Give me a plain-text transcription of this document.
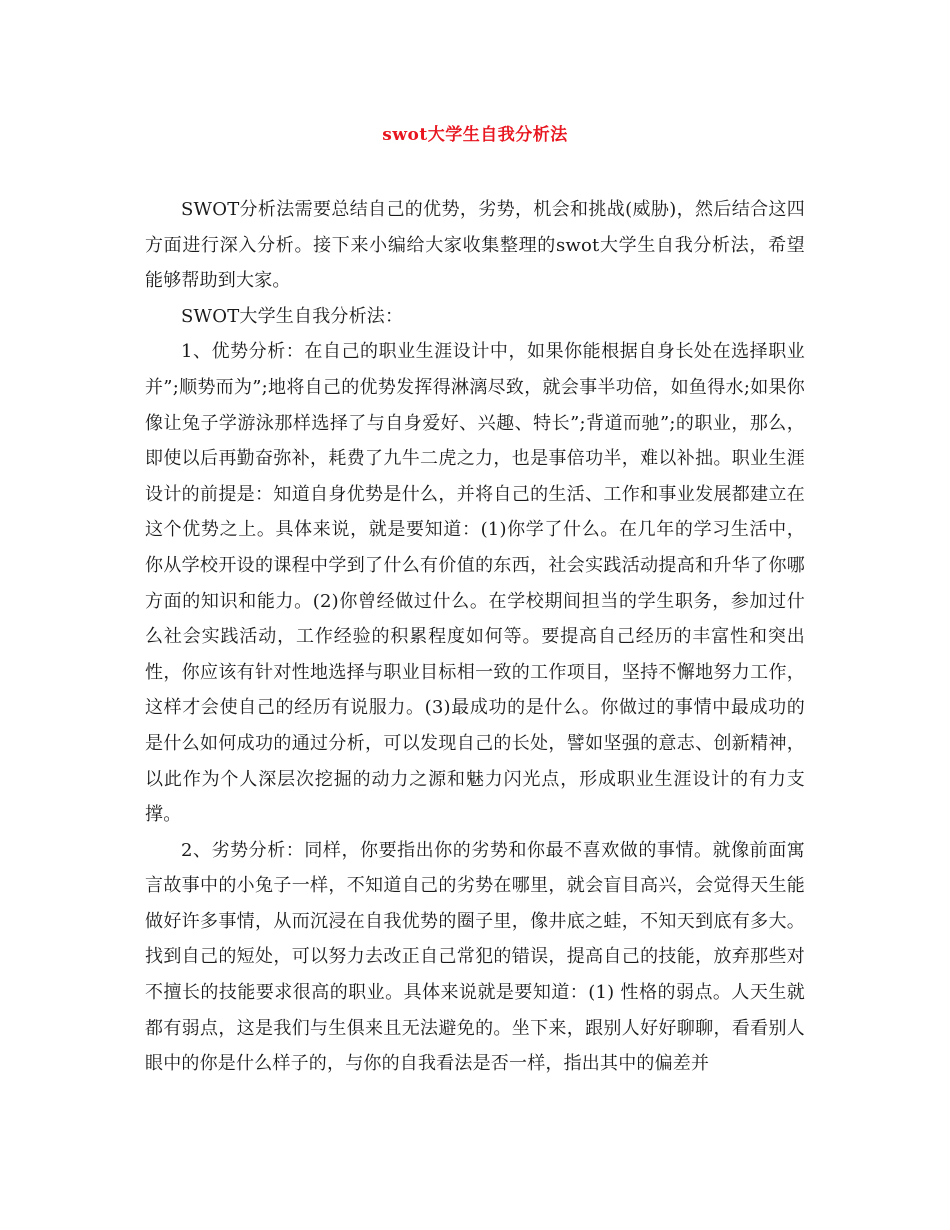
swot大学生自我分析法

SWOT分析法需要总结自己的优势，劣势，机会和挑战(威胁)，然后结合这四方面进行深入分析。接下来小编给大家收集整理的swot大学生自我分析法，希望能够帮助到大家。

SWOT大学生自我分析法：

1、优势分析：在自己的职业生涯设计中，如果你能根据自身长处在选择职业并”;顺势而为”;地将自己的优势发挥得淋漓尽致，就会事半功倍，如鱼得水;如果你像让兔子学游泳那样选择了与自身爱好、兴趣、特长”;背道而驰”;的职业，那么，即使以后再勤奋弥补，耗费了九牛二虎之力，也是事倍功半，难以补拙。职业生涯设计的前提是：知道自身优势是什么，并将自己的生活、工作和事业发展都建立在这个优势之上。具体来说，就是要知道：(1)你学了什么。在几年的学习生活中，你从学校开设的课程中学到了什么有价值的东西，社会实践活动提高和升华了你哪方面的知识和能力。(2)你曾经做过什么。在学校期间担当的学生职务，参加过什么社会实践活动，工作经验的积累程度如何等。要提高自己经历的丰富性和突出性，你应该有针对性地选择与职业目标相一致的工作项目，坚持不懈地努力工作，这样才会使自己的经历有说服力。(3)最成功的是什么。你做过的事情中最成功的是什么如何成功的通过分析，可以发现自己的长处，譬如坚强的意志、创新精神，以此作为个人深层次挖掘的动力之源和魅力闪光点，形成职业生涯设计的有力支撑。

2、劣势分析：同样，你要指出你的劣势和你最不喜欢做的事情。就像前面寓言故事中的小兔子一样，不知道自己的劣势在哪里，就会盲目高兴，会觉得天生能做好许多事情，从而沉浸在自我优势的圈子里，像井底之蛙，不知天到底有多大。找到自己的短处，可以努力去改正自己常犯的错误，提高自己的技能，放弃那些对不擅长的技能要求很高的职业。具体来说就是要知道：(1) 性格的弱点。人天生就都有弱点，这是我们与生俱来且无法避免的。坐下来，跟别人好好聊聊，看看别人眼中的你是什么样子的，与你的自我看法是否一样，指出其中的偏差并
